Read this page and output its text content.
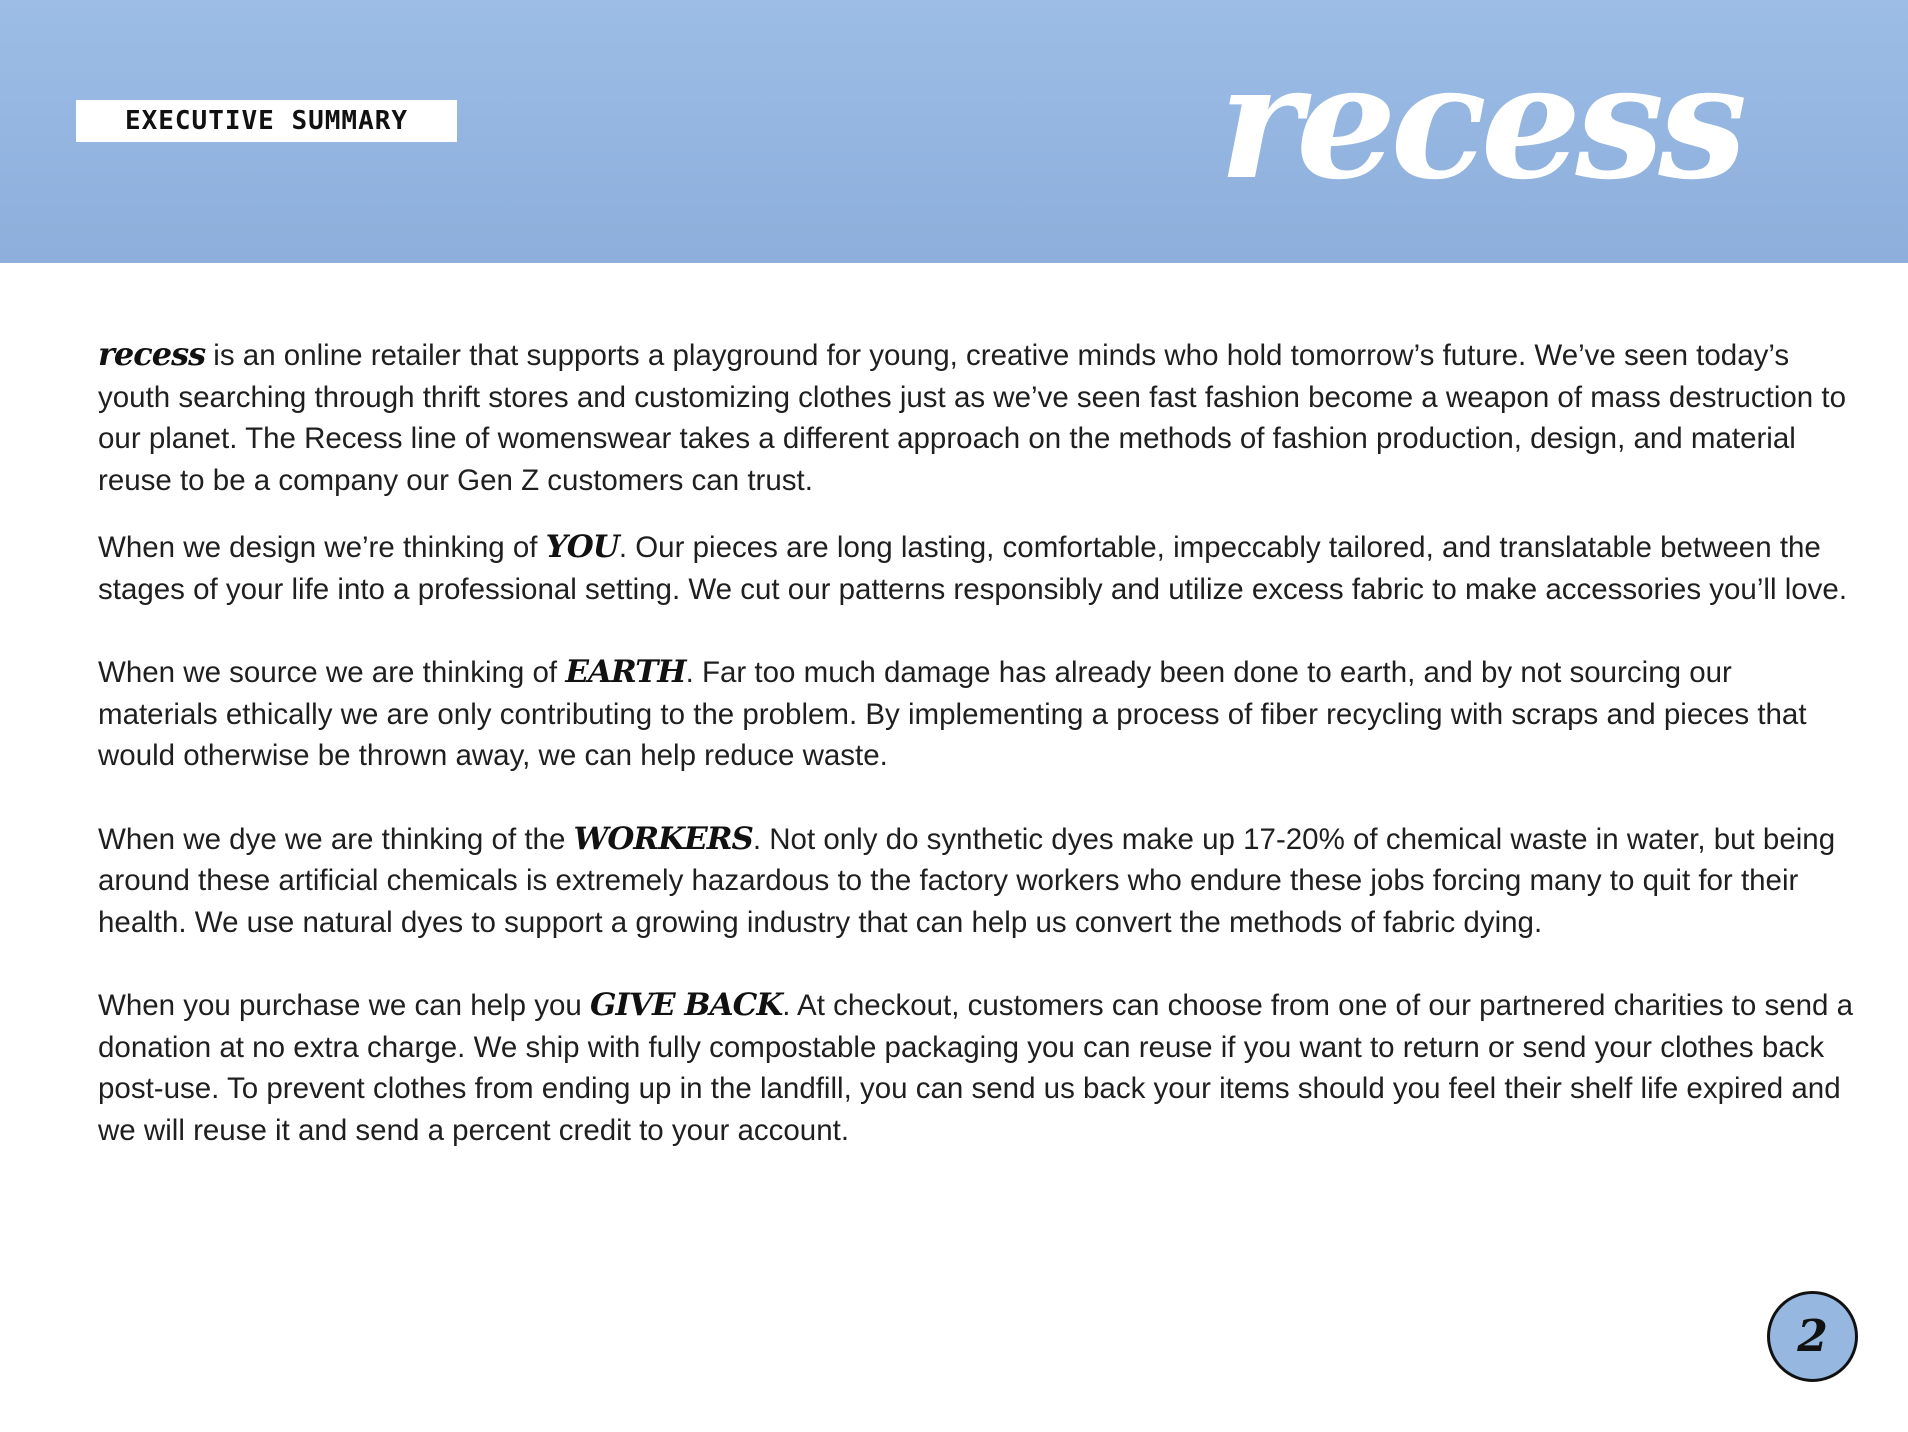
EXECUTIVE SUMMARY	recess

recess is an online retailer that supports a playground for young, creative minds who hold tomorrow’s future. We’ve seen today’s youth searching through thrift stores and customizing clothes just as we’ve seen fast fashion become a weapon of mass destruction to our planet. The Recess line of womenswear takes a different approach on the methods of fashion production, design, and material reuse to be a company our Gen Z customers can trust.

When we design we’re thinking of YOU. Our pieces are long lasting, comfortable, impeccably tailored, and translatable between the stages of your life into a professional setting. We cut our patterns responsibly and utilize excess fabric to make accessories you’ll love.

When we source we are thinking of EARTH. Far too much damage has already been done to earth, and by not sourcing our materials ethically we are only contributing to the problem. By implementing a process of fiber recycling with scraps and pieces that would otherwise be thrown away, we can help reduce waste.

When we dye we are thinking of the WORKERS. Not only do synthetic dyes make up 17-20% of chemical waste in water, but being around these artificial chemicals is extremely hazardous to the factory workers who endure these jobs forcing many to quit for their health. We use natural dyes to support a growing industry that can help us convert the methods of fabric dying.

When you purchase we can help you GIVE BACK. At checkout, customers can choose from one of our partnered charities to send a donation at no extra charge. We ship with fully compostable packaging you can reuse if you want to return or send your clothes back post-use. To prevent clothes from ending up in the landfill, you can send us back your items should you feel their shelf life expired and we will reuse it and send a percent credit to your account.

2
